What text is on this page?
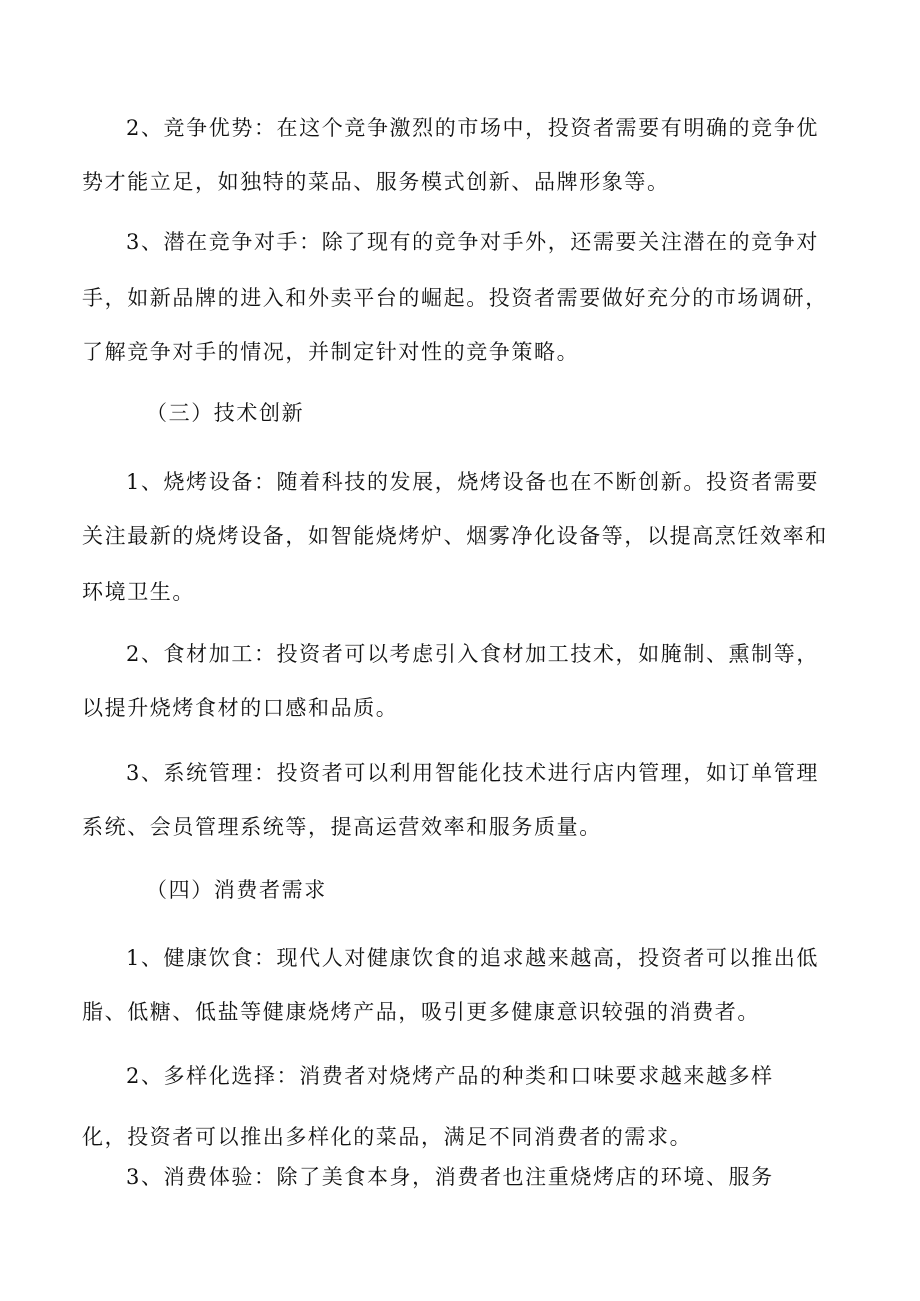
2、竞争优势：在这个竞争激烈的市场中，投资者需要有明确的竞争优
势才能立足，如独特的菜品、服务模式创新、品牌形象等。
3、潜在竞争对手：除了现有的竞争对手外，还需要关注潜在的竞争对
手，如新品牌的进入和外卖平台的崛起。投资者需要做好充分的市场调研，
了解竞争对手的情况，并制定针对性的竞争策略。
（三）技术创新
1、烧烤设备：随着科技的发展，烧烤设备也在不断创新。投资者需要
关注最新的烧烤设备，如智能烧烤炉、烟雾净化设备等，以提高烹饪效率和
环境卫生。
2、食材加工：投资者可以考虑引入食材加工技术，如腌制、熏制等，
以提升烧烤食材的口感和品质。
3、系统管理：投资者可以利用智能化技术进行店内管理，如订单管理
系统、会员管理系统等，提高运营效率和服务质量。
（四）消费者需求
1、健康饮食：现代人对健康饮食的追求越来越高，投资者可以推出低
脂、低糖、低盐等健康烧烤产品，吸引更多健康意识较强的消费者。
2、多样化选择：消费者对烧烤产品的种类和口味要求越来越多样
化，投资者可以推出多样化的菜品，满足不同消费者的需求。
3、消费体验：除了美食本身，消费者也注重烧烤店的环境、服务
